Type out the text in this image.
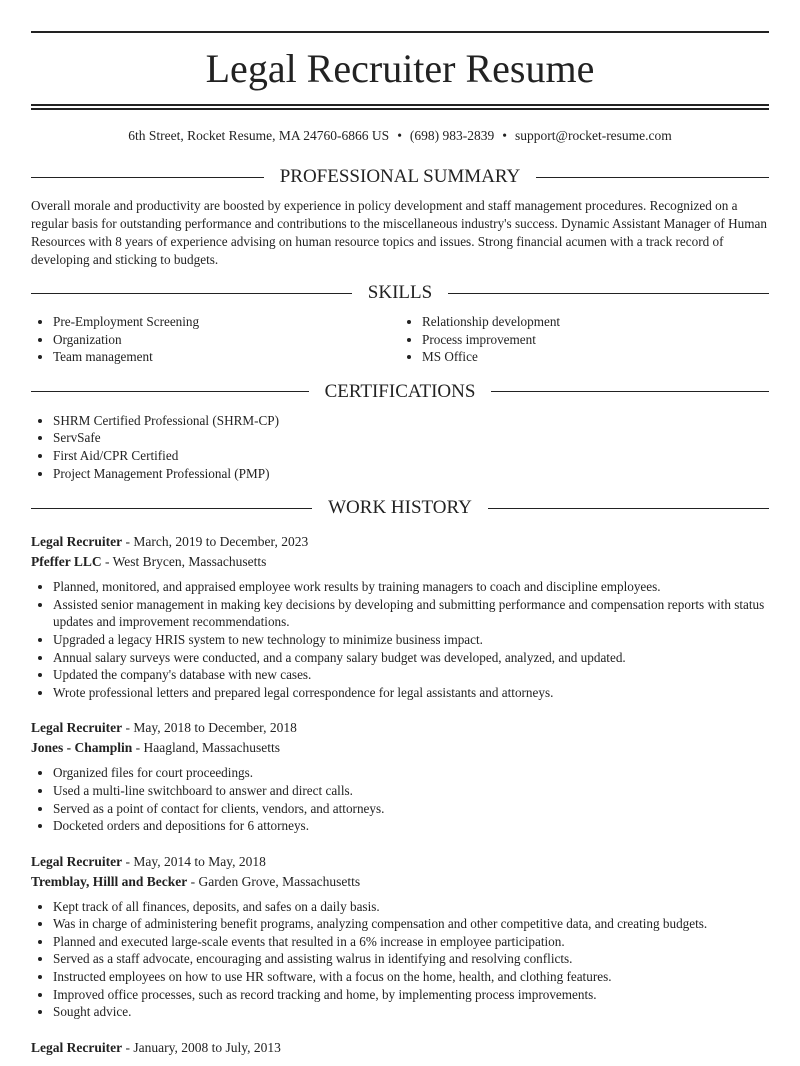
Legal Recruiter Resume
6th Street, Rocket Resume, MA 24760-6866 US • (698) 983-2839 • support@rocket-resume.com
PROFESSIONAL SUMMARY

Overall morale and productivity are boosted by experience in policy development and staff management procedures. Recognized on a regular basis for outstanding performance and contributions to the miscellaneous industry's success. Dynamic Assistant Manager of Human Resources with 8 years of experience advising on human resource topics and issues. Strong financial acumen with a track record of developing and sticking to budgets.

SKILLS
• Pre-Employment Screening
• Organization
• Team management
• Relationship development
• Process improvement
• MS Office
CERTIFICATIONS
• SHRM Certified Professional (SHRM-CP)
• ServSafe
• First Aid/CPR Certified
• Project Management Professional (PMP)
WORK HISTORY
Legal Recruiter - March, 2019 to December, 2023
Pfeffer LLC - West Brycen, Massachusetts
• Planned, monitored, and appraised employee work results by training managers to coach and discipline employees.
• Assisted senior management in making key decisions by developing and submitting performance and compensation reports with status updates and improvement recommendations.
• Upgraded a legacy HRIS system to new technology to minimize business impact.
• Annual salary surveys were conducted, and a company salary budget was developed, analyzed, and updated.
• Updated the company's database with new cases.
• Wrote professional letters and prepared legal correspondence for legal assistants and attorneys.
Legal Recruiter - May, 2018 to December, 2018
Jones - Champlin - Haagland, Massachusetts
• Organized files for court proceedings.
• Used a multi-line switchboard to answer and direct calls.
• Served as a point of contact for clients, vendors, and attorneys.
• Docketed orders and depositions for 6 attorneys.
Legal Recruiter - May, 2014 to May, 2018
Tremblay, Hilll and Becker - Garden Grove, Massachusetts
• Kept track of all finances, deposits, and safes on a daily basis.
• Was in charge of administering benefit programs, analyzing compensation and other competitive data, and creating budgets.
• Planned and executed large-scale events that resulted in a 6% increase in employee participation.
• Served as a staff advocate, encouraging and assisting walrus in identifying and resolving conflicts.
• Instructed employees on how to use HR software, with a focus on the home, health, and clothing features.
• Improved office processes, such as record tracking and home, by implementing process improvements.
• Sought advice.
Legal Recruiter - January, 2008 to July, 2013
